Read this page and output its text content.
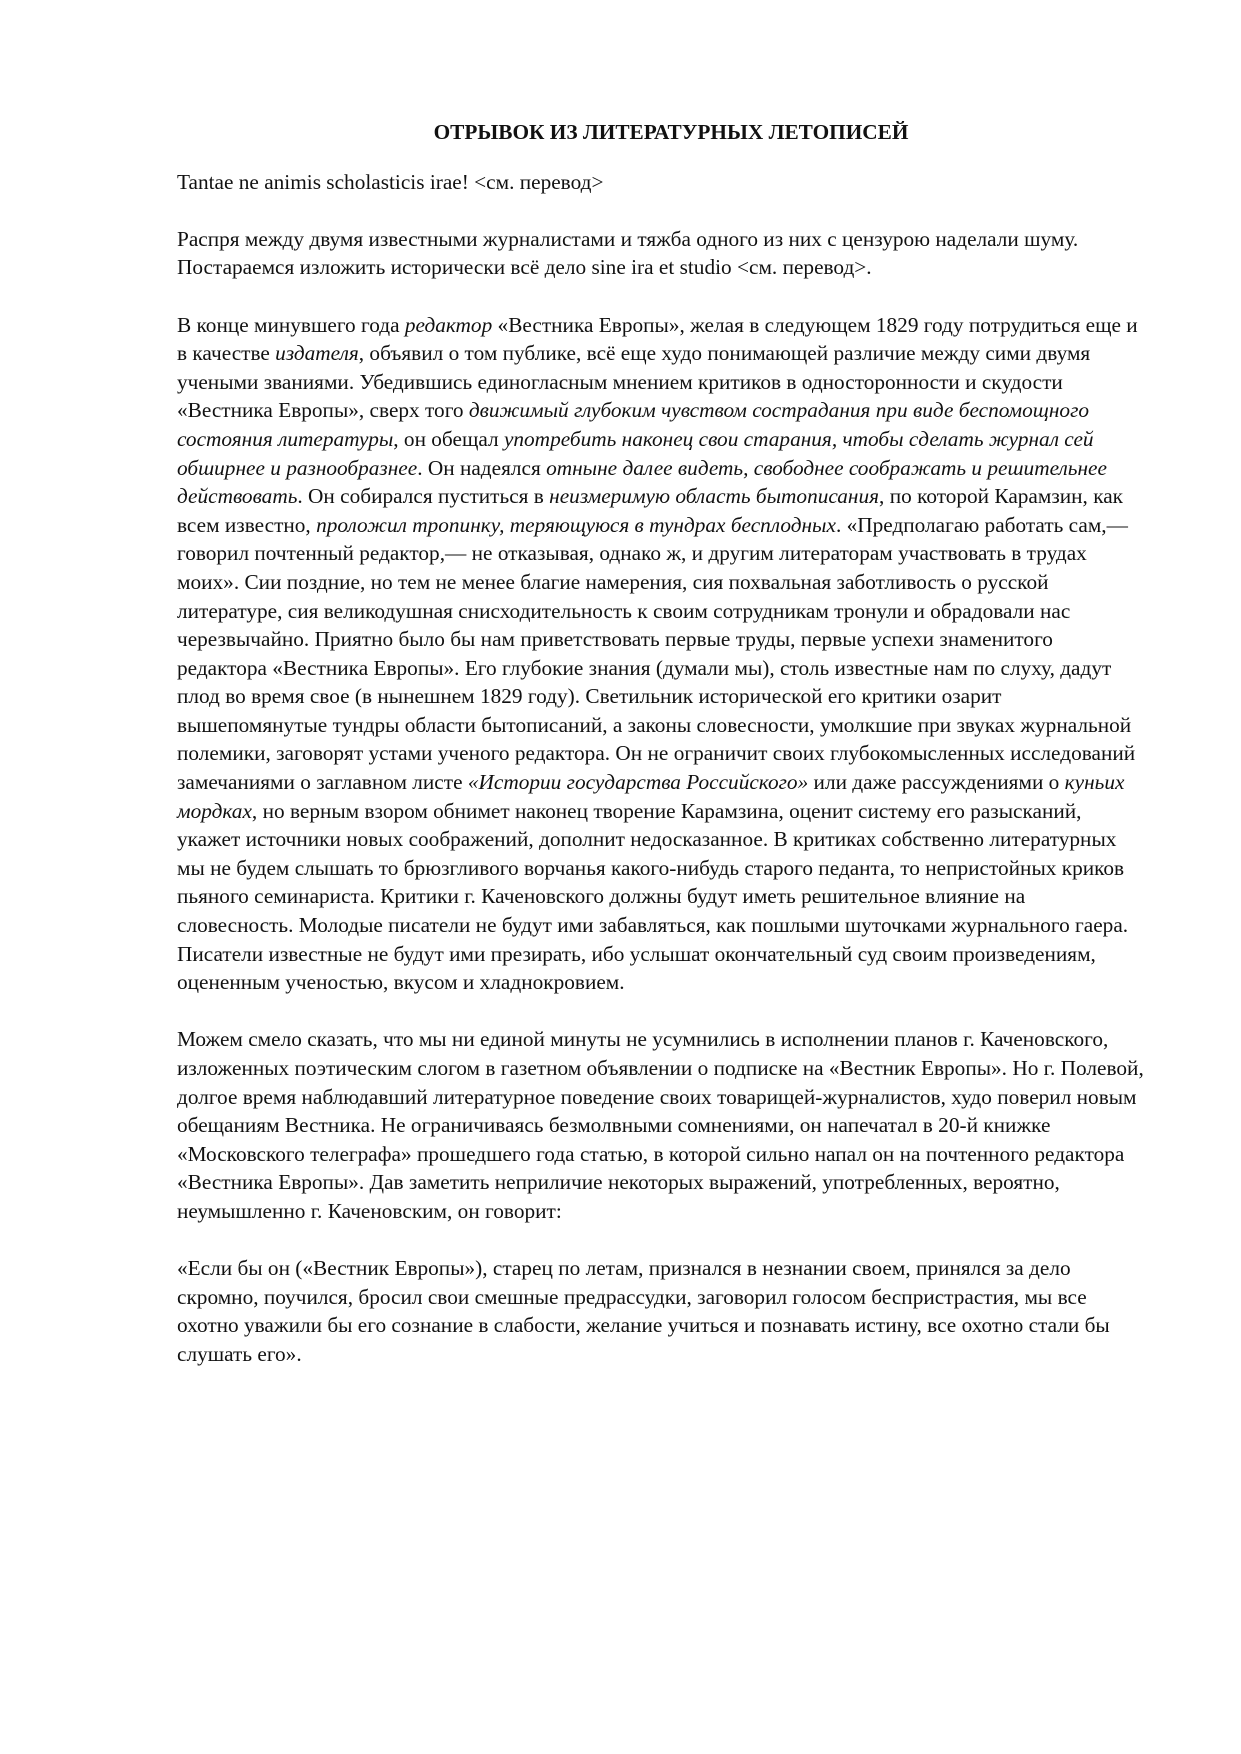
ОТРЫВОК ИЗ ЛИТЕРАТУРНЫХ ЛЕТОПИСЕЙ

Tantae ne animis scholasticis irae! <см. перевод>

Распря между двумя известными журналистами и тяжба одного из них с цензурою наделали шуму. Постараемся изложить исторически всё дело sine ira et studio <см. перевод>.

В конце минувшего года редактор «Вестника Европы», желая в следующем 1829 году потрудиться еще и в качестве издателя, объявил о том публике, всё еще худо понимающей различие между сими двумя учеными званиями. Убедившись единогласным мнением критиков в односторонности и скудости «Вестника Европы», сверх того движимый глубоким чувством сострадания при виде беспомощного состояния литературы, он обещал употребить наконец свои старания, чтобы сделать журнал сей обширнее и разнообразнее. Он надеялся отныне далее видеть, свободнее соображать и решительнее действовать. Он собирался пуститься в неизмеримую область бытописания, по которой Карамзин, как всем известно, проложил тропинку, теряющуюся в тундрах бесплодных. «Предполагаю работать сам,— говорил почтенный редактор,— не отказывая, однако ж, и другим литераторам участвовать в трудах моих». Сии поздние, но тем не менее благие намерения, сия похвальная заботливость о русской литературе, сия великодушная снисходительность к своим сотрудникам тронули и обрадовали нас черезвычайно. Приятно было бы нам приветствовать первые труды, первые успехи знаменитого редактора «Вестника Европы». Его глубокие знания (думали мы), столь известные нам по слуху, дадут плод во время свое (в нынешнем 1829 году). Светильник исторической его критики озарит вышепомянутые тундры области бытописаний, а законы словесности, умолкшие при звуках журнальной полемики, заговорят устами ученого редактора. Он не ограничит своих глубокомысленных исследований замечаниями о заглавном листе «Истории государства Российского» или даже рассуждениями о куньих мордках, но верным взором обнимет наконец творение Карамзина, оценит систему его разысканий, укажет источники новых соображений, дополнит недосказанное. В критиках собственно литературных мы не будем слышать то брюзгливого ворчанья какого-нибудь старого педанта, то непристойных криков пьяного семинариста. Критики г. Каченовского должны будут иметь решительное влияние на словесность. Молодые писатели не будут ими забавляться, как пошлыми шуточками журнального гаера. Писатели известные не будут ими презирать, ибо услышат окончательный суд своим произведениям, оцененным ученостью, вкусом и хладнокровием.

Можем смело сказать, что мы ни единой минуты не усумнились в исполнении планов г. Каченовского, изложенных поэтическим слогом в газетном объявлении о подписке на «Вестник Европы». Но г. Полевой, долгое время наблюдавший литературное поведение своих товарищей-журналистов, худо поверил новым обещаниям Вестника. Не ограничиваясь безмолвными сомнениями, он напечатал в 20-й книжке «Московского телеграфа» прошедшего года статью, в которой сильно напал он на почтенного редактора «Вестника Европы». Дав заметить неприличие некоторых выражений, употребленных, вероятно, неумышленно г. Каченовским, он говорит:

«Если бы он («Вестник Европы»), старец по летам, признался в незнании своем, принялся за дело скромно, поучился, бросил свои смешные предрассудки, заговорил голосом беспристрастия, мы все охотно уважили бы его сознание в слабости, желание учиться и познавать истину, все охотно стали бы слушать его».
